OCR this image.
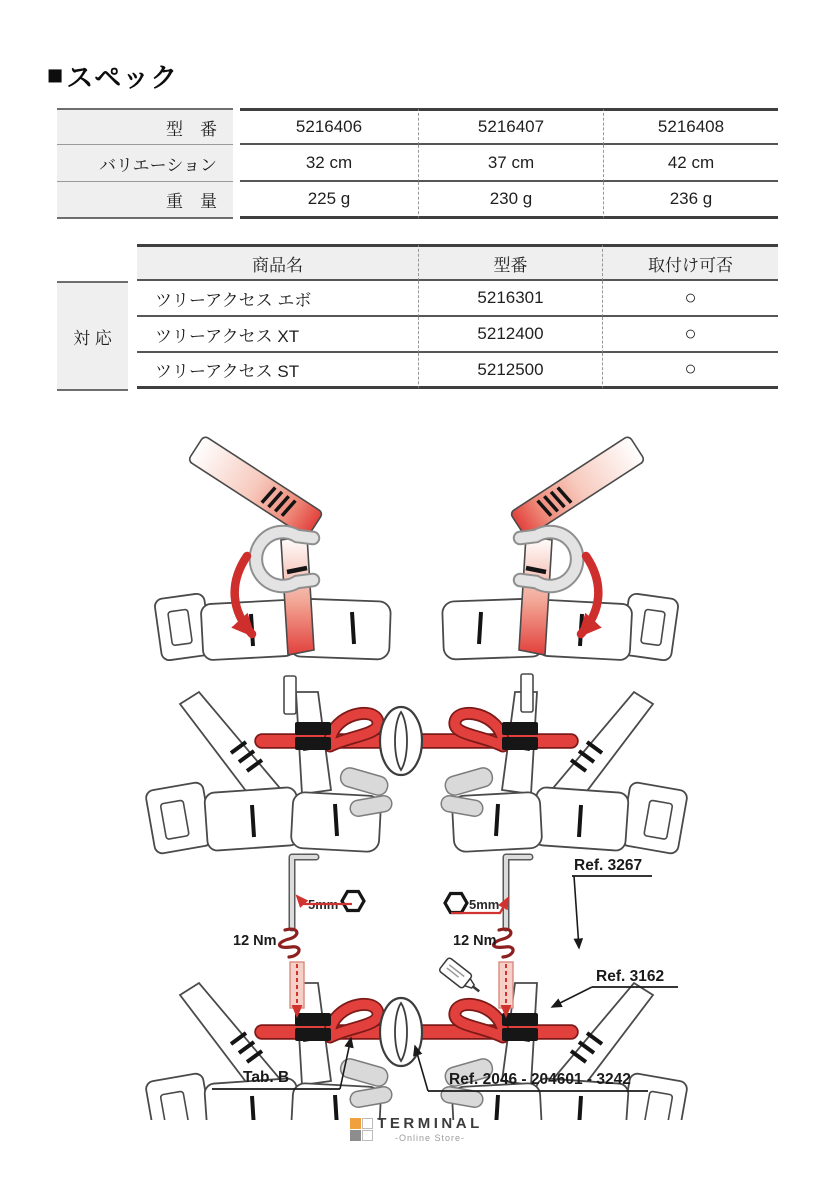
■ スペック
型　番	5216406	5216407	5216408
バリエーション	32 cm	37 cm	42 cm
重　量	225 g	230 g	236 g
対 応
商品名	型番	取付け可否
ツリーアクセス エボ	5216301	○
ツリーアクセス XT	5212400	○
ツリーアクセス ST	5212500	○
5mm	5mm
12 Nm	12 Nm
Ref. 3267
Ref. 3162
Tab. B	Ref. 2046 - 204601 - 3242
TERMINAL
-Online Store-
